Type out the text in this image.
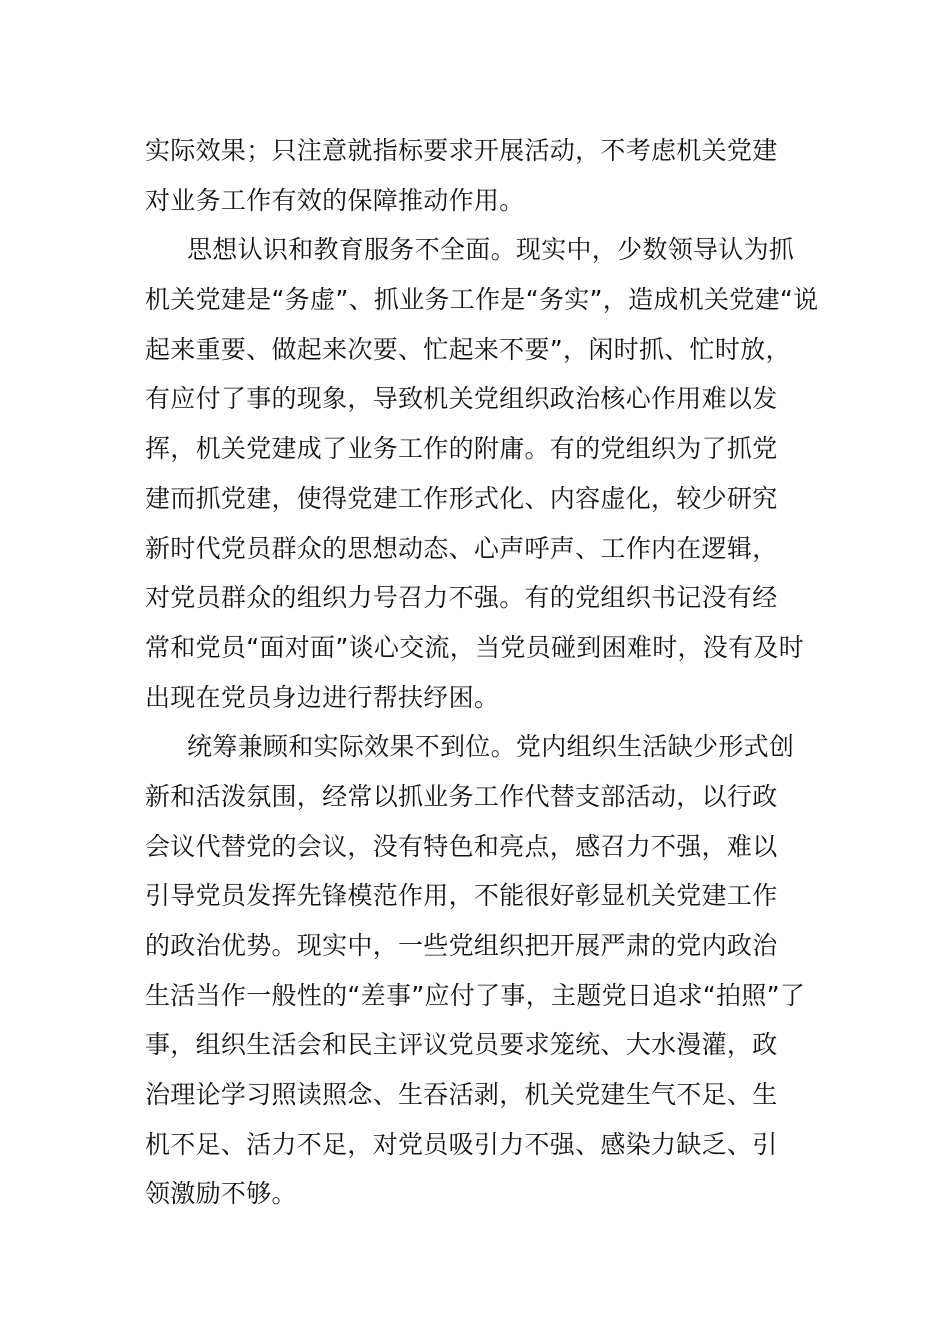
实际效果；只注意就指标要求开展活动，不考虑机关党建
对业务工作有效的保障推动作用。
思想认识和教育服务不全面。现实中，少数领导认为抓
机关党建是“务虚”、抓业务工作是“务实”，造成机关党建“说
起来重要、做起来次要、忙起来不要”，闲时抓、忙时放，
有应付了事的现象，导致机关党组织政治核心作用难以发
挥，机关党建成了业务工作的附庸。有的党组织为了抓党
建而抓党建，使得党建工作形式化、内容虚化，较少研究
新时代党员群众的思想动态、心声呼声、工作内在逻辑，
对党员群众的组织力号召力不强。有的党组织书记没有经
常和党员“面对面”谈心交流，当党员碰到困难时，没有及时
出现在党员身边进行帮扶纾困。
统筹兼顾和实际效果不到位。党内组织生活缺少形式创
新和活泼氛围，经常以抓业务工作代替支部活动，以行政
会议代替党的会议，没有特色和亮点，感召力不强，难以
引导党员发挥先锋模范作用，不能很好彰显机关党建工作
的政治优势。现实中，一些党组织把开展严肃的党内政治
生活当作一般性的“差事”应付了事，主题党日追求“拍照”了
事，组织生活会和民主评议党员要求笼统、大水漫灌，政
治理论学习照读照念、生吞活剥，机关党建生气不足、生
机不足、活力不足，对党员吸引力不强、感染力缺乏、引
领激励不够。
